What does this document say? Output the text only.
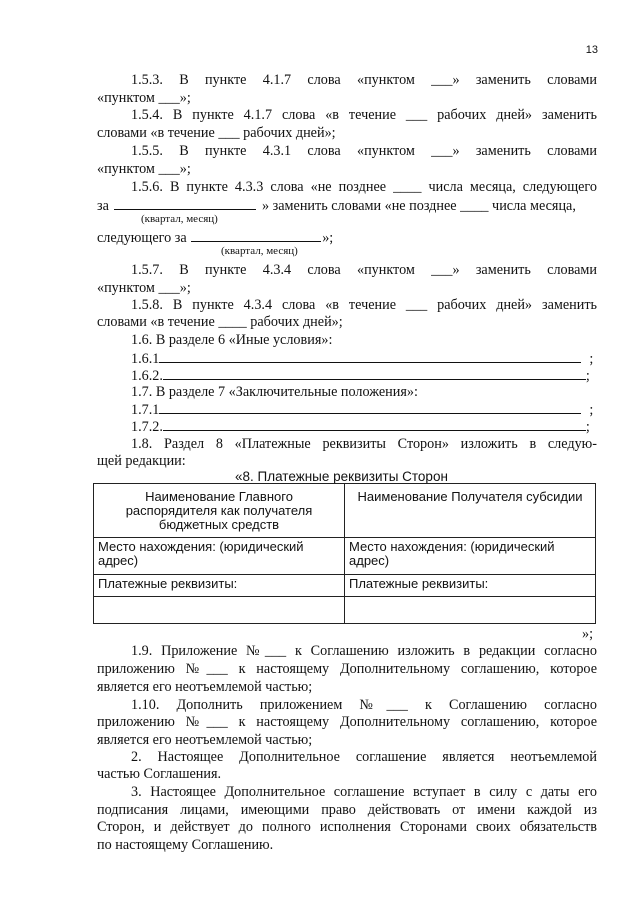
13
1.5.3. В пункте 4.1.7 слова «пунктом ___» заменить словами
«пунктом ___»;
1.5.4. В пункте 4.1.7 слова «в течение ___ рабочих дней» заменить
словами «в течение ___ рабочих дней»;
1.5.5. В пункте 4.3.1 слова «пунктом ___» заменить словами
«пунктом ___»;
1.5.6. В пункте 4.3.3 слова «не позднее ____ числа месяца, следующего
за	» заменить словами «не позднее ____ числа месяца,
(квартал, месяц)
следующего за	»;
(квартал, месяц)
1.5.7. В пункте 4.3.4 слова «пунктом ___» заменить словами
«пунктом ___»;
1.5.8. В пункте 4.3.4 слова «в течение ___ рабочих дней» заменить
словами «в течение ____ рабочих дней»;
1.6. В разделе 6 «Иные условия»:
1.6.1	;
1.6.2.	;
1.7. В разделе 7 «Заключительные положения»:
1.7.1	;
1.7.2.	;
1.8. Раздел 8 «Платежные реквизиты Сторон» изложить в следую-
щей редакции:
«8. Платежные реквизиты Сторон
Наименование Главного распорядителя как получателя бюджетных средств	Наименование Получателя субсидии
Место нахождения: (юридический адрес)	Место нахождения: (юридический адрес)
Платежные реквизиты:	Платежные реквизиты:

»;
1.9. Приложение №___ к Соглашению изложить в редакции согласно
приложению №___ к настоящему Дополнительному соглашению, которое
является его неотъемлемой частью;
1.10. Дополнить приложением №___ к Соглашению согласно
приложению №___ к настоящему Дополнительному соглашению, которое
является его неотъемлемой частью;
2. Настоящее Дополнительное соглашение является неотъемлемой
частью Соглашения.
3. Настоящее Дополнительное соглашение вступает в силу с даты его
подписания лицами, имеющими право действовать от имени каждой из
Сторон, и действует до полного исполнения Сторонами своих обязательств
по настоящему Соглашению.
